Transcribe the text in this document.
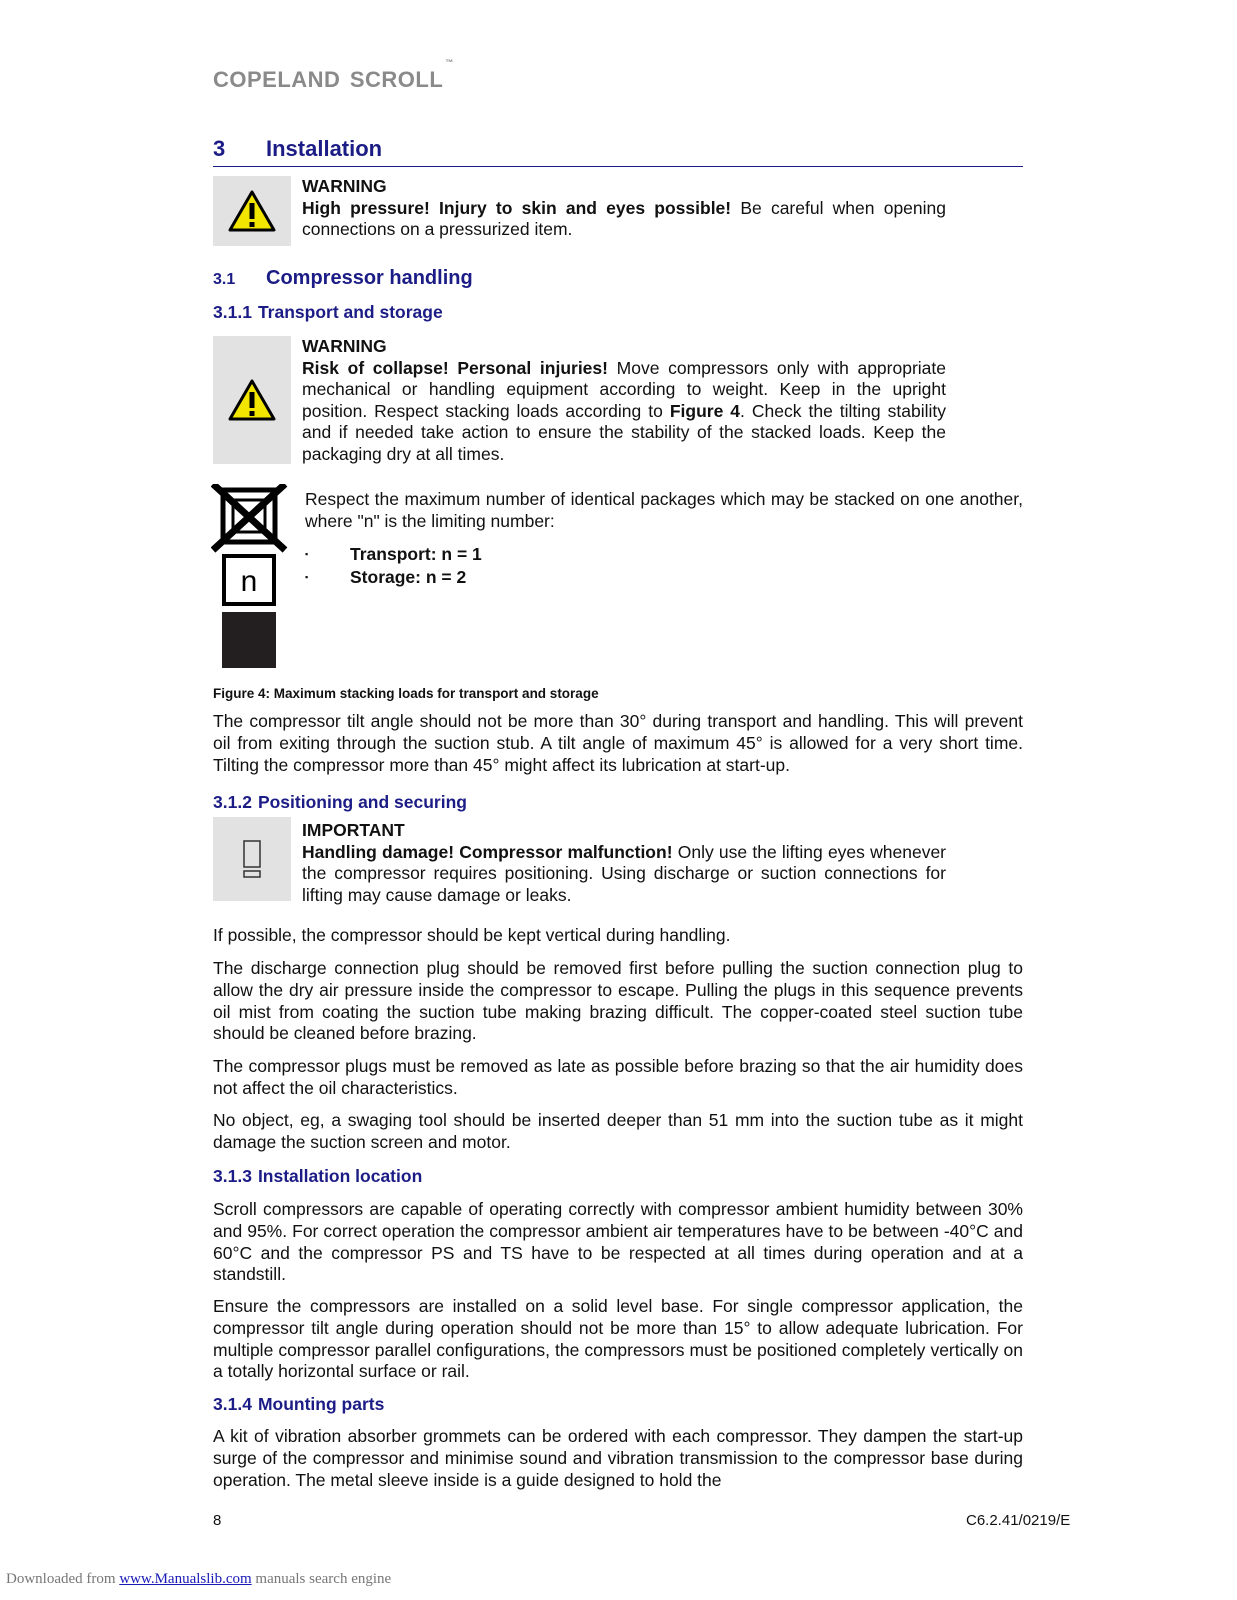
copeland scroll ™
3 Installation
WARNING
High pressure! Injury to skin and eyes possible! Be careful when opening connections on a pressurized item.
3.1 Compressor handling
3.1.1 Transport and storage
WARNING
Risk of collapse! Personal injuries! Move compressors only with appropriate mechanical or handling equipment according to weight. Keep in the upright position. Respect stacking loads according to Figure 4. Check the tilting stability and if needed take action to ensure the stability of the stacked loads. Keep the packaging dry at all times.
n
Respect the maximum number of identical packages which may be stacked on one another, where "n" is the limiting number:
▪	Transport: n = 1
▪	Storage: n = 2
Figure 4: Maximum stacking loads for transport and storage

The compressor tilt angle should not be more than 30° during transport and handling. This will prevent oil from exiting through the suction stub. A tilt angle of maximum 45° is allowed for a very short time. Tilting the compressor more than 45° might affect its lubrication at start-up.

3.1.2 Positioning and securing
IMPORTANT
Handling damage! Compressor malfunction! Only use the lifting eyes whenever the compressor requires positioning. Using discharge or suction connections for lifting may cause damage or leaks.

If possible, the compressor should be kept vertical during handling.

The discharge connection plug should be removed first before pulling the suction connection plug to allow the dry air pressure inside the compressor to escape. Pulling the plugs in this sequence prevents oil mist from coating the suction tube making brazing difficult. The copper-coated steel suction tube should be cleaned before brazing.

The compressor plugs must be removed as late as possible before brazing so that the air humidity does not affect the oil characteristics.

No object, eg, a swaging tool should be inserted deeper than 51 mm into the suction tube as it might damage the suction screen and motor.

3.1.3 Installation location

Scroll compressors are capable of operating correctly with compressor ambient humidity between 30% and 95%. For correct operation the compressor ambient air temperatures have to be between -40°C and 60°C and the compressor PS and TS have to be respected at all times during operation and at a standstill.

Ensure the compressors are installed on a solid level base. For single compressor application, the compressor tilt angle during operation should not be more than 15° to allow adequate lubrication. For multiple compressor parallel configurations, the compressors must be positioned completely vertically on a totally horizontal surface or rail.

3.1.4 Mounting parts

A kit of vibration absorber grommets can be ordered with each compressor. They dampen the start-up surge of the compressor and minimise sound and vibration transmission to the compressor base during operation. The metal sleeve inside is a guide designed to hold the

8	C6.2.41/0219/E
Downloaded from www.Manualslib.com manuals search engine
